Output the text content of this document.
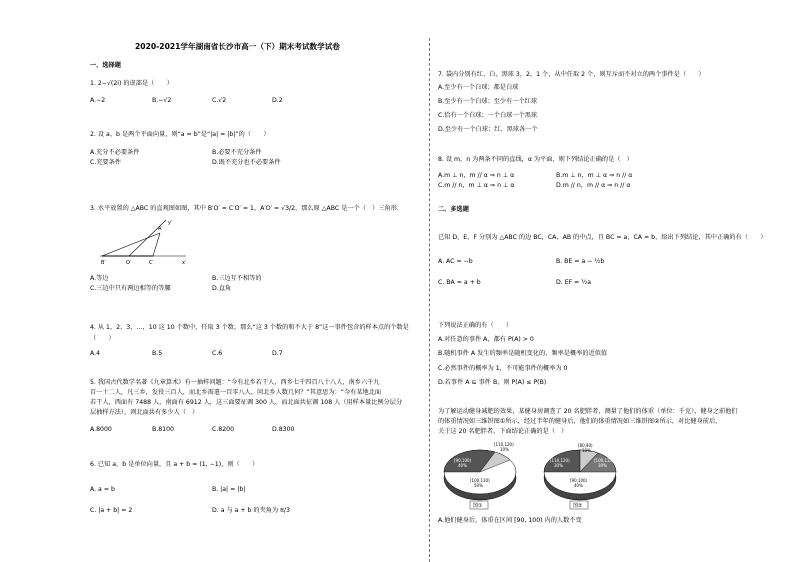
2020-2021学年湖南省长沙市高一（下）期末考试数学试卷
一、选择题
1. 2−√(2i) 的虚部是（　　）
A.−2	B.−√2	C.√2	D.2
2. 设 a、b 是两个平面向量，则“a = b”是“|a| = |b|”的（　　）
A.充分不必要条件	B.必要不充分条件
C.充要条件	D.既不充分也不必要条件
3. 水平放置的 △ABC 的直观图如图，其中 B′O′ = C′O′ = 1，A′O′ = √3/2，那么原 △ABC 是一个（　）三角形.
A′
B′	O′	C′
y′
x′
A.等边	B.三边互不相等的
C.三边中只有两边相等的等腰	D.直角
4. 从 1，2，3，…，10 这 10 个数中，任取 3 个数，那么“这 3 个数的和不大于 8”这一事件包含的样本点的个数是
（　　）
A.4	B.5	C.6	D.7
5. 我国古代数学名著《九章算术》有一抽样问题：“今有北乡若干人，西乡七千四百八十八人，南乡六千九
百一十二人，凡三乡，发役三百人，而北乡需遣一百零八人，问北乡人数几何？”其意思为：“今有某地北面
若干人，西面有 7488 人，南面有 6912 人，这三面要征调 300 人，而北面共征调 108 人（用样本量比例分层分
层抽样方法），则北面共有多少人（　）
A.8000	B.8100	C.8200	D.8300
6. 已知 a，b 是单位向量，且 a + b = (1, −1)，则（　　）
A. a = b	B. |a| = |b|
C. |a + b| = 2	D. a 与 a + b 的夹角为 π/3
7. 袋内分别有红、白、黑球 3，2，1 个，从中任取 2 个，则互斥而不对立的两个事件是（　　）
A.至少有一个白球；都是白球
B.至少有一个白球；至少有一个红球
C.恰有一个白球；一个白球一个黑球
D.至少有一个白球；红、黑球各一个
8. 设 m，n 为两条不同的直线，α 为平面，则下列结论正确的是（　）
A.m ⊥ n，m // α ⇒ n ⊥ α	B.m ⊥ n，m ⊥ α ⇒ n // α
C.m // n，m ⊥ α ⇒ n ⊥ α	D.m // n，m // α ⇒ n // α
二、多选题
已知 D，E，F 分别为 △ABC 的边 BC，CA，AB 的中点，且 BC = a，CA = b，给出下列结论，其中正确的有（　　）
A. AC = −b	B. BE = a − ½b
C. BA = a + b	D. EF = ½a
下列说法正确的有（　　）
A.对任意的事件 A，都有 P(A) > 0
B.随机事件 A 发生的频率是随机变化的，频率是概率的近似值
C.必然事件的概率为 1，不可能事件的概率为 0
D.若事件 A ⊆ 事件 B，则 P(A) ≤ P(B)
为了解运动健身减肥的效果，某健身房调查了 20 名肥胖者，测量了他们的体重（单位：千克），健身之前他们
的体重情况如三维饼图①所示，经过半年的健身后，他们的体重情况如三维饼图②所示，对比健身前后，
关于这 20 名肥胖者，下面结论正确的是（　）
[90,100)
40%
[100,110)
50%
[110,120)
10%
图①
[110,120)
30%
[100,110)
30%
[80,90)
10%
[90,100)
40%
图②
A.他们健身后，体重在区间 [90, 100) 内的人数不变
